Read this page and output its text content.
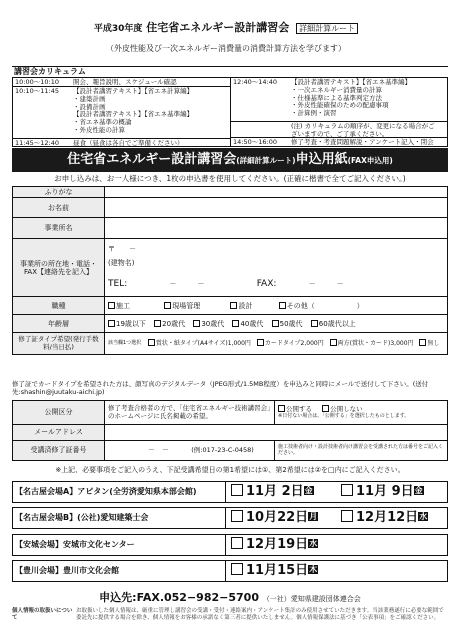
平成30年度 住宅省エネルギー設計講習会 詳細計算ルート
（外皮性能及び一次エネルギー消費量の消費計算方法を学びます）
講習会カリキュラム
10:00～10:10 開会、趣旨説明、スケジュール確認
10:10～11:45 【設計者講習テキスト】【省エネ計算編】
・建築計画
・設備計画
【設計者講習テキスト】【省エネ基準編】
・省エネ基準の概論
・外皮性能の計算
11:45～12:40 昼食（昼食は各自でご準備ください）
12:40～14:40 【設計者講習テキスト】【省エネ基準編】
・一次エネルギー消費量の計算
・仕様基準による基準判定方法
・外皮性能確保のための配慮事項
・計算例・演習
(注) カリキュラムの順序が、変更になる場合がございますので、ご了承ください。
14:50～16:00 修了考査・考査問題解説・アンケート記入・閉会
住宅省エネルギー設計講習会(詳細計算ルート)申込用紙(FAX申込用)
お申し込みは、お一人様につき、1枚の申込書を使用してください。(正確に楷書で全てご記入ください。)
ふりがな	
お名前	
事業所名	
事業所の所在地・電話・FAX【連絡先を記入】	〒　　－
(建物名)
TEL: －　　　－ FAX: －　　　－

職種	施工 現場管理 設計 その他（　　　　　　）
年齢層	19歳以下 20歳代 30歳代 40歳代 50歳代 60歳代以上
修了証タイプ希望(発行手数料/当日払)	該当欄1つ選択 賞状・紙タイプ(A4サイズ)1,000円 カードタイプ2,000円 両方(賞状・カード)3,000円 無し
修了証でカードタイプを希望された方は、顔写真のデジタルデータ（JPEG形式/1.5MB程度）を申込みと同時にメールで送付して下さい。(送付先:shashin@juutaku-aichi.jp)
公開区分	修了考査合格者の方で、「住宅省エネルギー技術講習会」のホームページに氏名掲載の希望。	公開する 公開しない
※日付ない場合は、「公開する」を選択したものとします。

メールアドレス		
受講済修了証番号	－　－ (例:017-23-C-0458)	施工技術者向け・設計技術者向け講習会を受講された方は番号をご記入ください。
※上記、必要事項をご記入のうえ、下記受講希望日の第1希望には①、第2希望には②を□内にご記入ください。
【名古屋会場A】アピタン(全労済愛知県本部会館)	11月 2日金	11月 9日金
【名古屋会場B】(公社)愛知建築士会	10月22日月	12月12日水
【安城会場】安城市文化センター	12月19日水
【豊川会場】豊川市文化会館	11月15日木
申込先:FAX.052−982−5700 （一社）愛知県建設団体連合会
個人情報の取扱いについて
お取扱いした個人情報は、厳重に管理し講習会の受講・受付・連絡案内・アンケート集計のみ使用させていただきます。当該業務遂行に必要な範囲で委託先に提供する場合を除き、個人情報をお客様の承諾なく第三者に提供いたしません。個人情報保護法に基づき「公表事項」をご確認ください。
